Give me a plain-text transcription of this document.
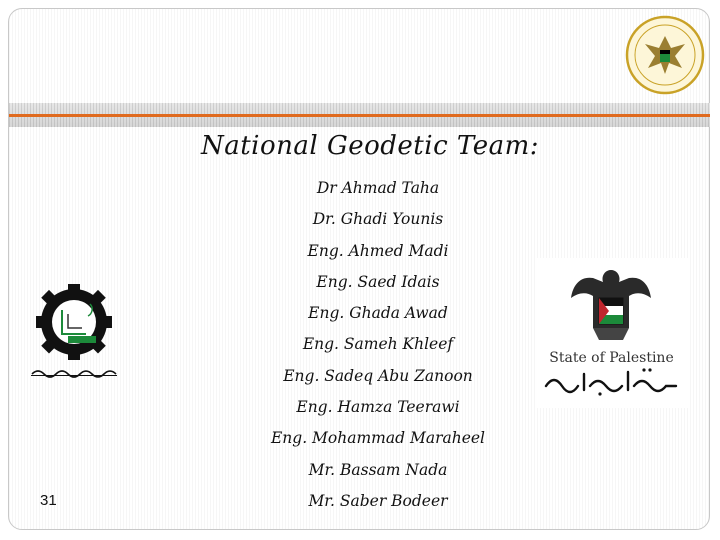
National Geodetic Team:
Dr Ahmad Taha
Dr. Ghadi Younis
Eng. Ahmed Madi
Eng. Saed Idais
Eng. Ghada Awad
Eng. Sameh Khleef
Eng. Sadeq Abu Zanoon
Eng. Hamza Teerawi
Eng. Mohammad Maraheel
Mr. Bassam Nada
Mr. Saber Bodeer
State of Palestine
31
